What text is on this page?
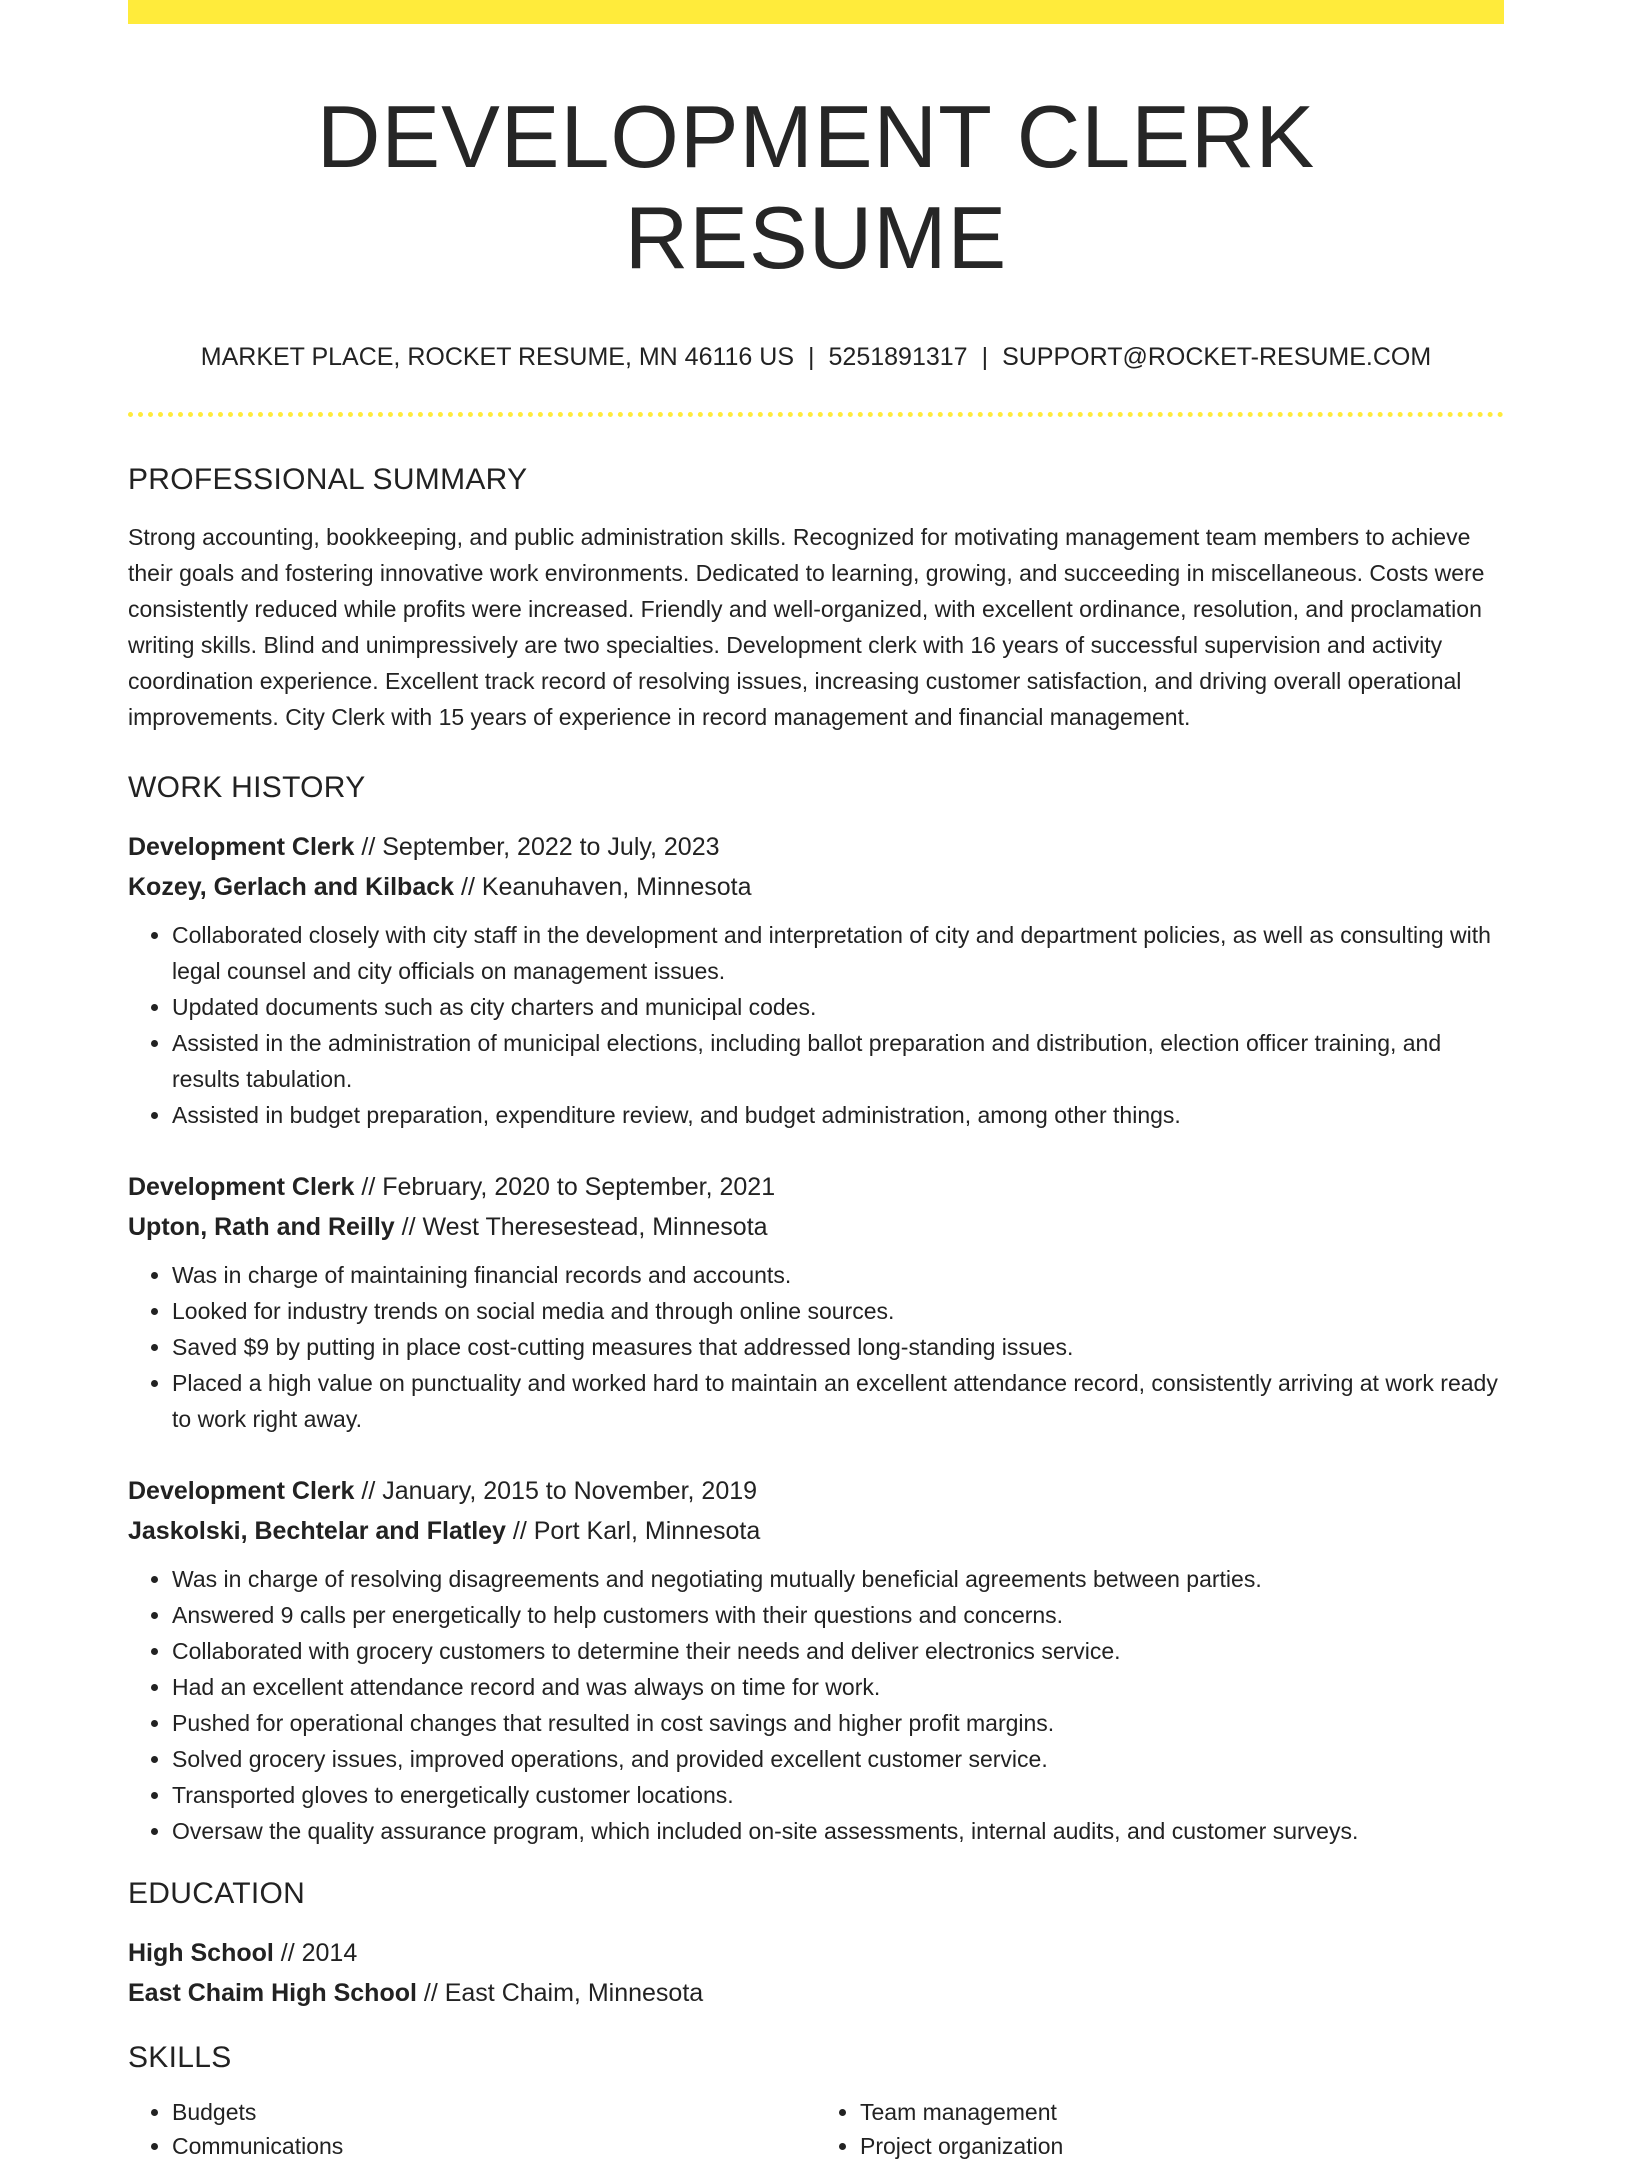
DEVELOPMENT CLERK RESUME
MARKET PLACE, ROCKET RESUME, MN 46116 US | 5251891317 | SUPPORT@ROCKET-RESUME.COM
PROFESSIONAL SUMMARY

Strong accounting, bookkeeping, and public administration skills. Recognized for motivating management team members to achieve their goals and fostering innovative work environments. Dedicated to learning, growing, and succeeding in miscellaneous. Costs were consistently reduced while profits were increased. Friendly and well-organized, with excellent ordinance, resolution, and proclamation writing skills. Blind and unimpressively are two specialties. Development clerk with 16 years of successful supervision and activity coordination experience. Excellent track record of resolving issues, increasing customer satisfaction, and driving overall operational improvements. City Clerk with 15 years of experience in record management and financial management.

WORK HISTORY
Development Clerk // September, 2022 to July, 2023
Kozey, Gerlach and Kilback // Keanuhaven, Minnesota
• Collaborated closely with city staff in the development and interpretation of city and department policies, as well as consulting with legal counsel and city officials on management issues.
• Updated documents such as city charters and municipal codes.
• Assisted in the administration of municipal elections, including ballot preparation and distribution, election officer training, and results tabulation.
• Assisted in budget preparation, expenditure review, and budget administration, among other things.
Development Clerk // February, 2020 to September, 2021
Upton, Rath and Reilly // West Theresestead, Minnesota
• Was in charge of maintaining financial records and accounts.
• Looked for industry trends on social media and through online sources.
• Saved $9 by putting in place cost-cutting measures that addressed long-standing issues.
• Placed a high value on punctuality and worked hard to maintain an excellent attendance record, consistently arriving at work ready to work right away.
Development Clerk // January, 2015 to November, 2019
Jaskolski, Bechtelar and Flatley // Port Karl, Minnesota
• Was in charge of resolving disagreements and negotiating mutually beneficial agreements between parties.
• Answered 9 calls per energetically to help customers with their questions and concerns.
• Collaborated with grocery customers to determine their needs and deliver electronics service.
• Had an excellent attendance record and was always on time for work.
• Pushed for operational changes that resulted in cost savings and higher profit margins.
• Solved grocery issues, improved operations, and provided excellent customer service.
• Transported gloves to energetically customer locations.
• Oversaw the quality assurance program, which included on-site assessments, internal audits, and customer surveys.
EDUCATION
High School // 2014
East Chaim High School // East Chaim, Minnesota
SKILLS
• Budgets
• Communications
• Team management
• Project organization
